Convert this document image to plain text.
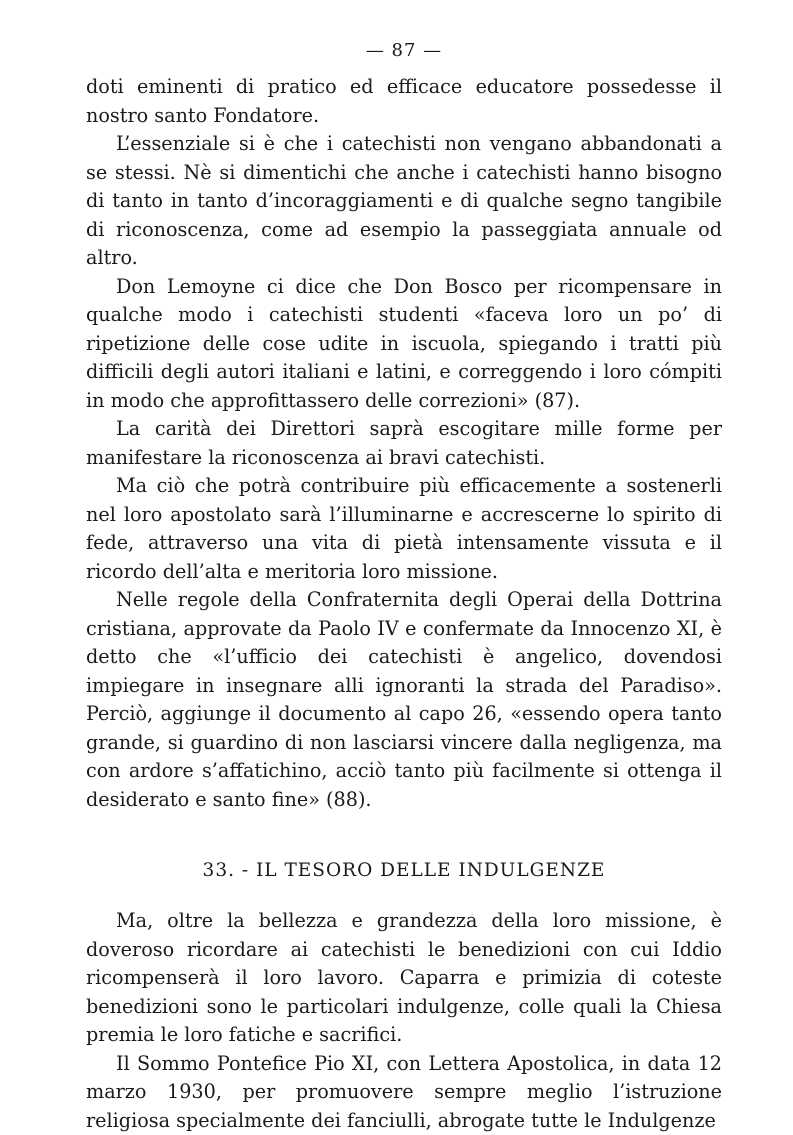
— 87 —

doti eminenti di pratico ed efficace educatore possedesse il nostro santo Fondatore.

L’essenziale si è che i catechisti non vengano abbandonati a se stessi. Nè si dimentichi che anche i catechisti hanno bisogno di tanto in tanto d’incoraggiamenti e di qualche segno tangibile di riconoscenza, come ad esempio la passeggiata annuale od altro.

Don Lemoyne ci dice che Don Bosco per ricompensare in qualche modo i catechisti studenti «faceva loro un po’ di ripetizione delle cose udite in iscuola, spiegando i tratti più difficili degli autori italiani e latini, e correggendo i loro cómpiti in modo che approfittassero delle correzioni» (87).

La carità dei Direttori saprà escogitare mille forme per manifestare la riconoscenza ai bravi catechisti.

Ma ciò che potrà contribuire più efficacemente a sostenerli nel loro apostolato sarà l’illuminarne e accrescerne lo spirito di fede, attraverso una vita di pietà intensamente vissuta e il ricordo dell’alta e meritoria loro missione.

Nelle regole della Confraternita degli Operai della Dottrina cristiana, approvate da Paolo IV e confermate da Innocenzo XI, è detto che «l’ufficio dei catechisti è angelico, dovendosi impiegare in insegnare alli ignoranti la strada del Paradiso». Perciò, aggiunge il documento al capo 26, «essendo opera tanto grande, si guardino di non lasciarsi vincere dalla negligenza, ma con ardore s’affatichino, acciò tanto più facilmente si ottenga il desiderato e santo fine» (88).

33. - IL TESORO DELLE INDULGENZE

Ma, oltre la bellezza e grandezza della loro missione, è doveroso ricordare ai catechisti le benedizioni con cui Iddio ricompenserà il loro lavoro. Caparra e primizia di coteste benedizioni sono le particolari indulgenze, colle quali la Chiesa premia le loro fatiche e sacrifici.

Il Sommo Pontefice Pio XI, con Lettera Apostolica, in data 12 marzo 1930, per promuovere sempre meglio l’istruzione religiosa specialmente dei fanciulli, abrogate tutte le Indulgenze
